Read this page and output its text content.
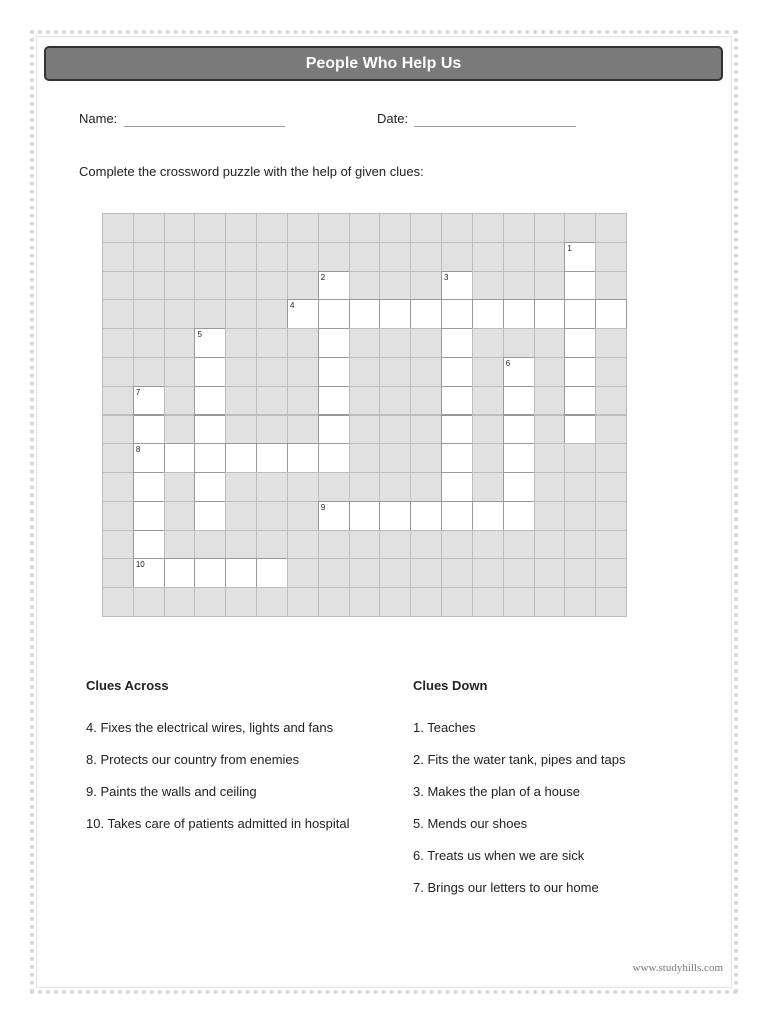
People Who Help Us
Name:	Date:
Complete the crossword puzzle with the help of given clues:
1
2	3
4
5
6
7
8
9
10
Clues Across	Clues Down
4. Fixes the electrical wires, lights and fans
8. Protects our country from enemies
9. Paints the walls and ceiling
10. Takes care of patients admitted in hospital
1. Teaches
2. Fits the water tank, pipes and taps
3. Makes the plan of a house
5. Mends our shoes
6. Treats us when we are sick
7. Brings our letters to our home
www.studyhills.com
